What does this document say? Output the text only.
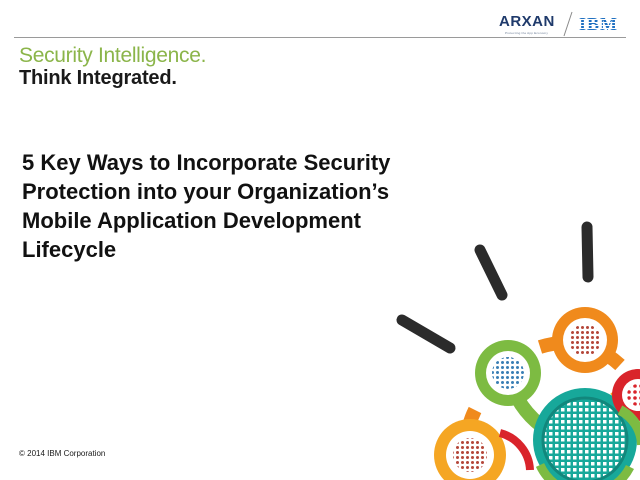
ARXAN
Protecting the App Economy IBM
Security Intelligence.
Think Integrated.
5 Key Ways to Incorporate Security
Protection into your Organization’s
Mobile Application Development
Lifecycle
© 2014 IBM Corporation
